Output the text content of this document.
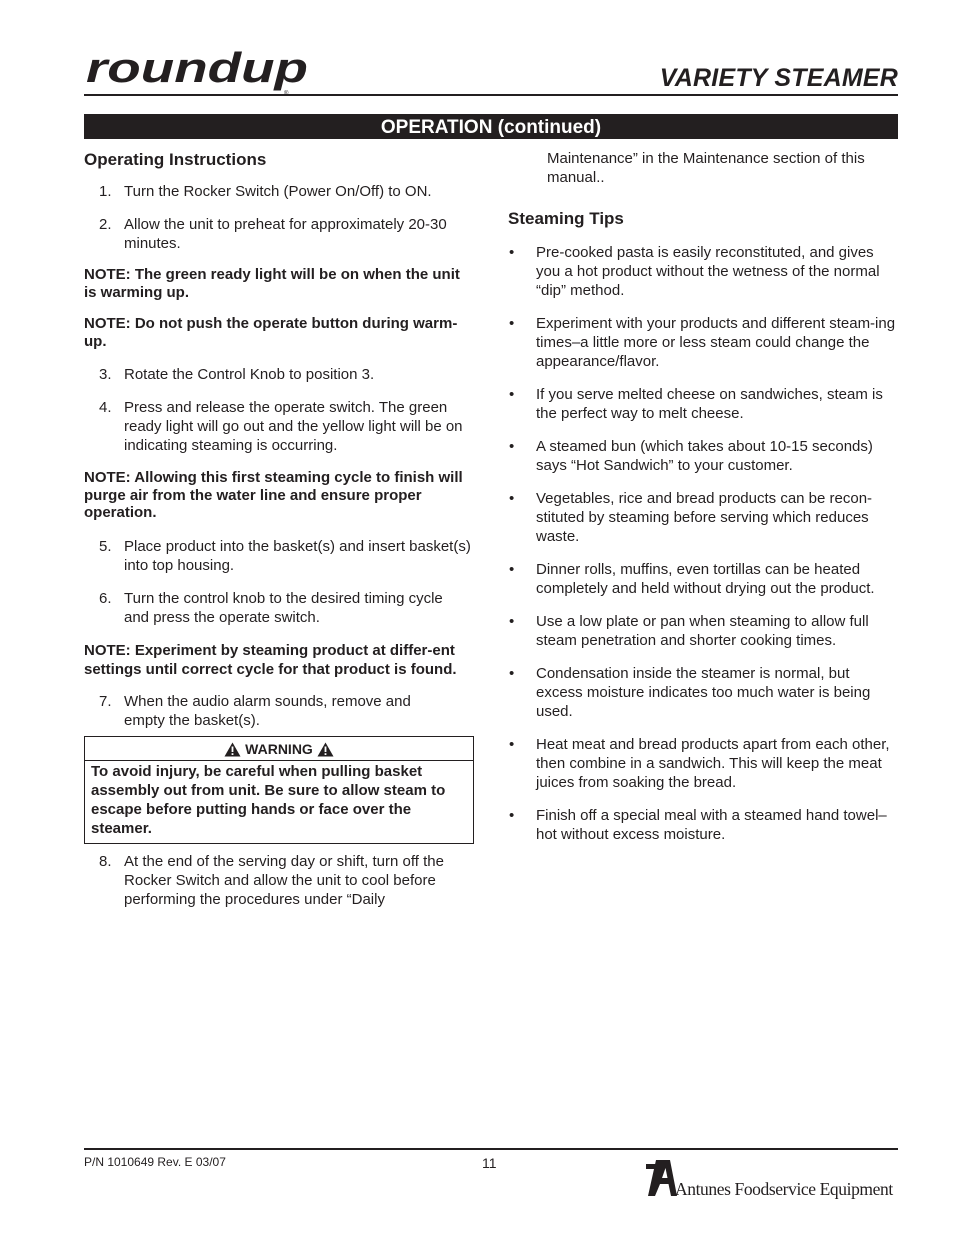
roundup
®
VARIETY STEAMER
OPERATION (continued)
Operating Instructions
1. Turn the Rocker Switch (Power On/Off) to ON.
2. Allow the unit to preheat for approximately 20-30 minutes.
NOTE: The green ready light will be on when the unit is warming up.
NOTE: Do not push the operate button during warm-up.
3. Rotate the Control Knob to position 3.
4. Press and release the operate switch. The green ready light will go out and the yellow light will be on indicating steaming is occurring.
NOTE: Allowing this first steaming cycle to finish will purge air from the water line and ensure proper operation.
5. Place product into the basket(s) and insert basket(s) into top housing.
6. Turn the control knob to the desired timing cycle and press the operate switch.
NOTE: Experiment by steaming product at differ-ent settings until correct cycle for that product is found.
7. When the audio alarm sounds, remove and empty the basket(s).
WARNING
To avoid injury, be careful when pulling basket assembly out from unit. Be sure to allow steam to escape before putting hands or face over the steamer.
8. At the end of the serving day or shift, turn off the Rocker Switch and allow the unit to cool before performing the procedures under “Daily
Maintenance” in the Maintenance section of this manual..
Steaming Tips
• Pre-cooked pasta is easily reconstituted, and gives you a hot product without the wetness of the normal “dip” method.
• Experiment with your products and different steam-ing times–a little more or less steam could change the appearance/flavor.
• If you serve melted cheese on sandwiches, steam is the perfect way to melt cheese.
• A steamed bun (which takes about 10-15 seconds) says “Hot Sandwich” to your customer.
• Vegetables, rice and bread products can be recon-stituted by steaming before serving which reduces waste.
• Dinner rolls, muffins, even tortillas can be heated completely and held without drying out the product.
• Use a low plate or pan when steaming to allow full steam penetration and shorter cooking times.
• Condensation inside the steamer is normal, but excess moisture indicates too much water is being used.
• Heat meat and bread products apart from each other, then combine in a sandwich. This will keep the meat juices from soaking the bread.
• Finish off a special meal with a steamed hand towel–hot without excess moisture.
P/N 1010649 Rev. E 03/07	11
Antunes Foodservice Equipment
